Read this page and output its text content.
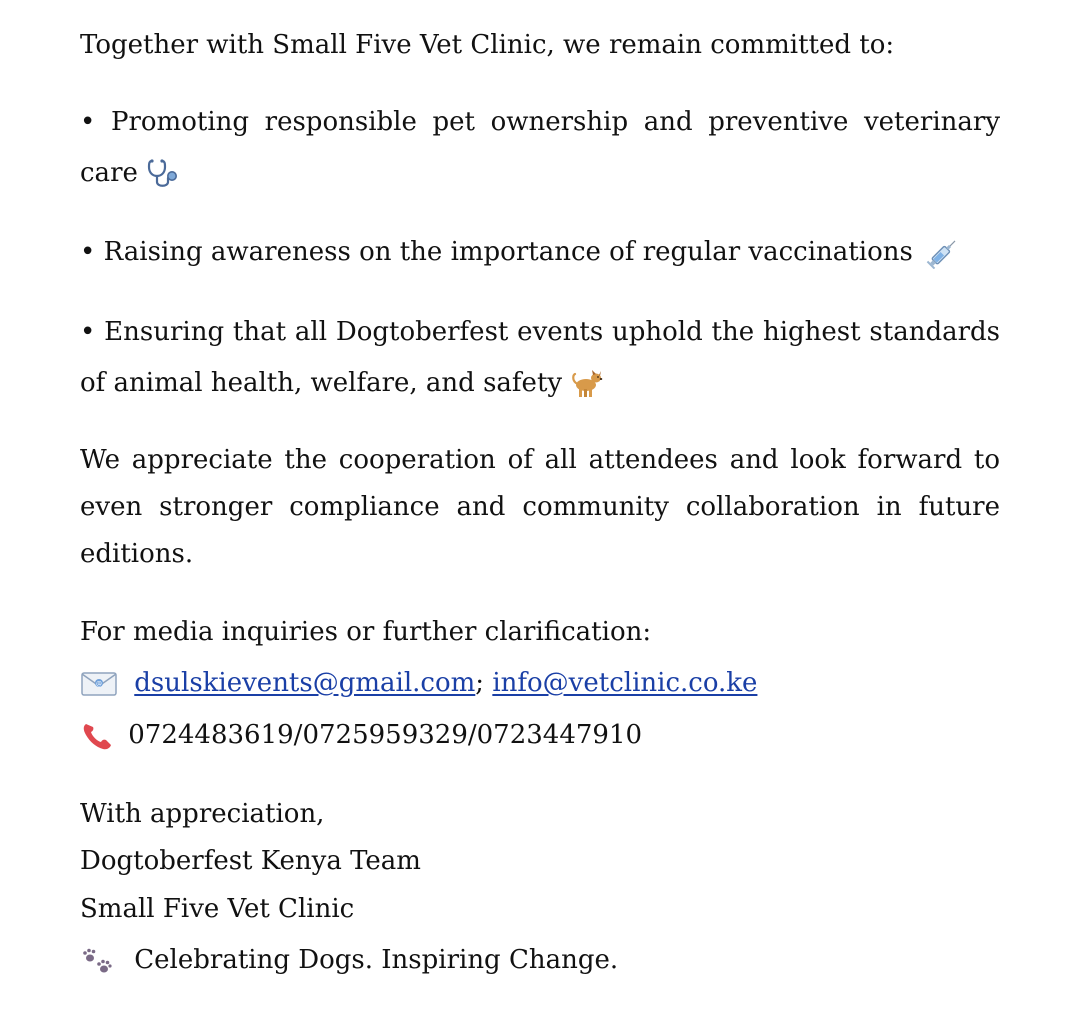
Together with Small Five Vet Clinic, we remain committed to:

• Promoting responsible pet ownership and preventive veterinary care

• Raising awareness on the importance of regular vaccinations

• Ensuring that all Dogtoberfest events uphold the highest standards of animal health, welfare, and safety

We appreciate the cooperation of all attendees and look forward to even stronger compliance and community collaboration in future editions.

For media inquiries or further clarification:
@ dsulskievents@gmail.com; info@vetclinic.co.ke
0724483619/0725959329/0723447910
With appreciation,
Dogtoberfest Kenya Team
Small Five Vet Clinic
Celebrating Dogs. Inspiring Change.
